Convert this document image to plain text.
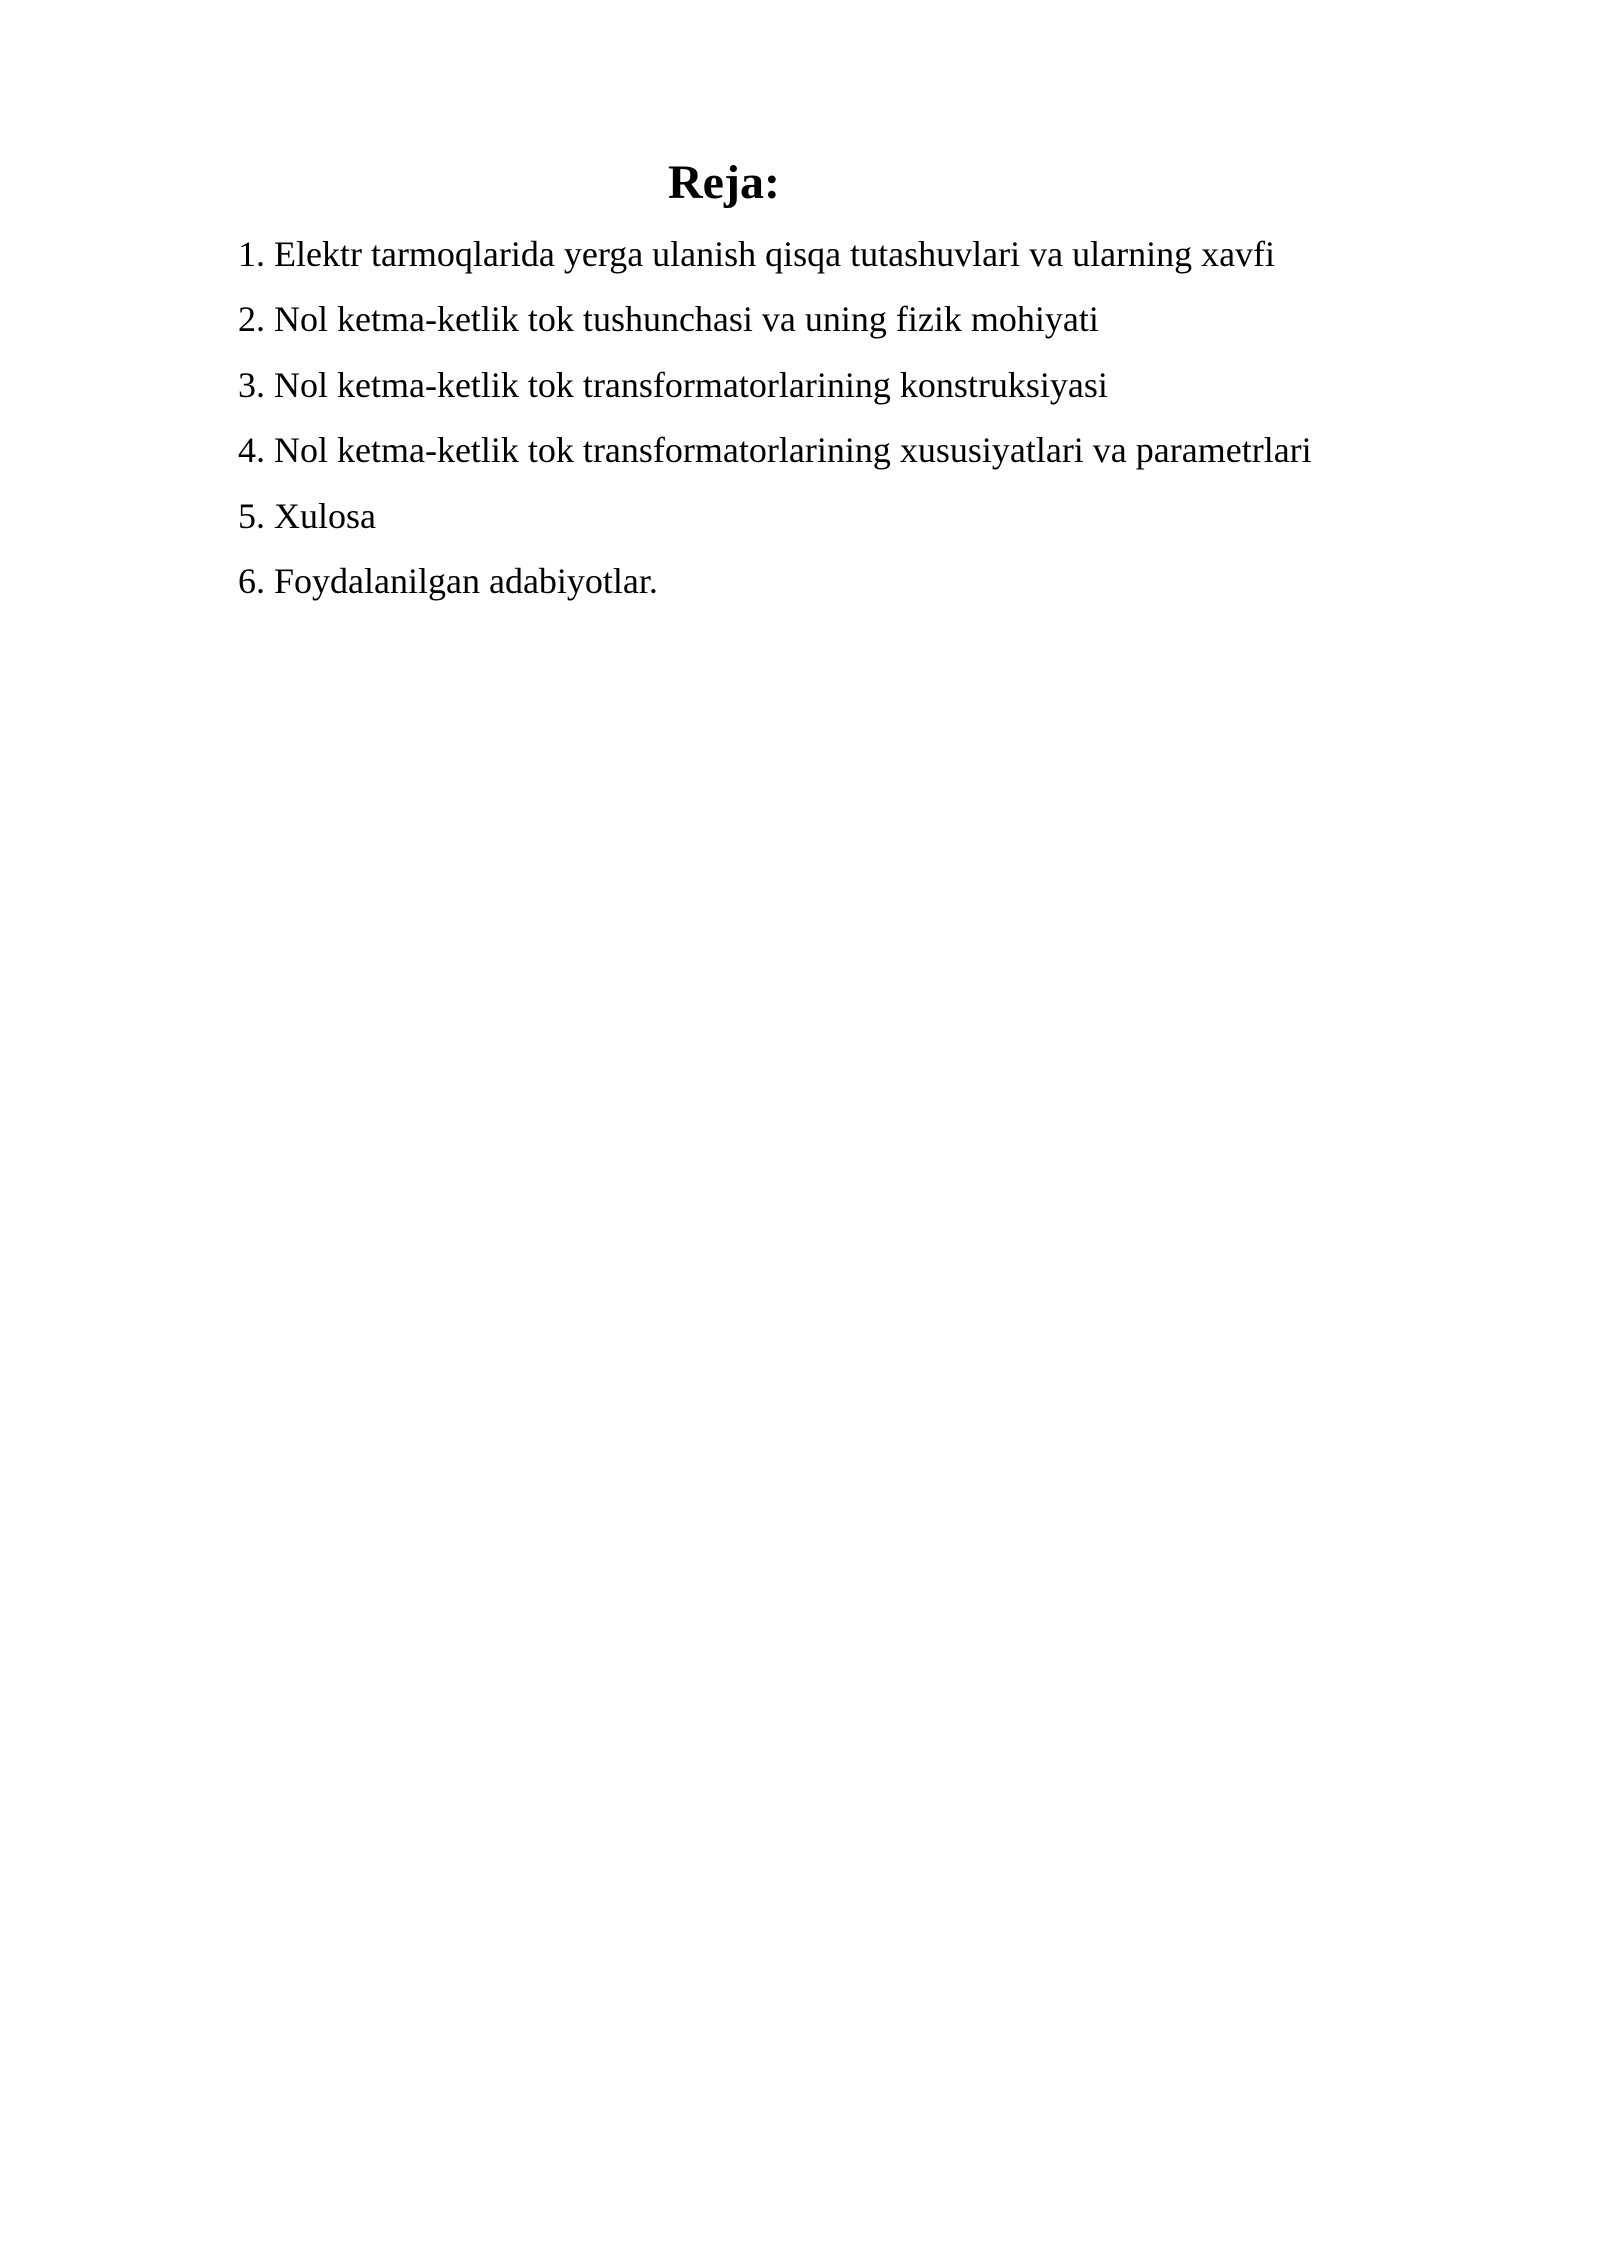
Reja:
1. Elektr tarmoqlarida yerga ulanish qisqa tutashuvlari va ularning xavfi
2. Nol ketma-ketlik tok tushunchasi va uning fizik mohiyati
3. Nol ketma-ketlik tok transformatorlarining konstruksiyasi
4. Nol ketma-ketlik tok transformatorlarining xususiyatlari va parametrlari
5. Xulosa
6. Foydalanilgan adabiyotlar.
